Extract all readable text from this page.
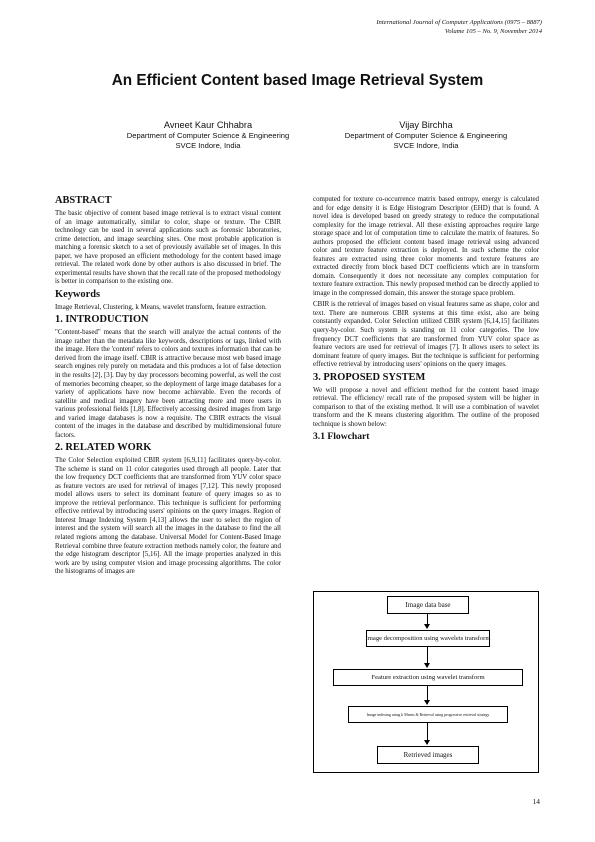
International Journal of Computer Applications (0975 – 8887)
Volume 105 – No. 9, November 2014
An Efficient Content based Image Retrieval System
Avneet Kaur Chhabra
Department of Computer Science & Engineering
SVCE Indore, India
Vijay Birchha
Department of Computer Science & Engineering
SVCE Indore, India
ABSTRACT
The basic objective of content based image retrieval is to extract visual content of an image automatically, similar to color, shape or texture. The CBIR technology can be used in several applications such as forensic laboratories, crime detection, and image searching sites. One most probable application is matching a forensic sketch to a set of previously available set of images. In this paper, we have proposed an efficient methodology for the content based image retrieval. The related work done by other authors is also discussed in brief. The experimental results have shown that the recall rate of the proposed methodology is better in comparison to the existing one.
Keywords
Image Retrieval, Clustering, k Means, wavelet transform, feature extraction.
1. INTRODUCTION
"Content-based" means that the search will analyze the actual contents of the image rather than the metadata like keywords, descriptions or tags, linked with the image. Here the 'content' refers to colors and textures information that can be derived from the image itself. CBIR is attractive because most web based image search engines rely purely on metadata and this produces a lot of false detection in the results [2], [3]. Day by day processors becoming powerful, as well the cost of memories becoming cheaper, so the deployment of large image databases for a variety of applications have now become achievable. Even the records of satellite and medical imagery have been attracting more and more users in various professional fields [1,8]. Effectively accessing desired images from large and varied image databases is now a requisite. The CBIR extracts the visual content of the images in the database and described by multidimensional future factors.
2. RELATED WORK
The Color Selection exploited CBIR system [6,9,11] facilitates query-by-color. The scheme is stand on 11 color categories used through all people. Later that the low frequency DCT coefficients that are transformed from YUV color space as feature vectors are used for retrieval of images [7,12]. This newly proposed model allows users to select its dominant feature of query images so as to improve the retrieval performance. This technique is sufficient for performing effective retrieval by introducing users' opinions on the query images. Region of Interest Image Indexing System [4,13] allows the user to select the region of interest and the system will search all the images in the database to find the all related regions among the database. Universal Model for Content-Based Image Retrieval combine three feature extraction methods namely color, the feature and the edge histogram descriptor [5,16]. All the image properties analyzed in this work are by using computer vision and image processing algorithms. The color the histograms of images are
computed for texture co-occurrence matrix based entropy, energy is calculated and for edge density it is Edge Histogram Descriptor (EHD) that is found. A novel idea is developed based on greedy strategy to reduce the computational complexity for the image retrieval. All these existing approaches require large storage space and lot of computation time to calculate the matrix of features. So authors proposed the efficient content based image retrieval using advanced color and texture feature extraction is deployed. In such scheme the color features are extracted using three color moments and texture features are extracted directly from block based DCT coefficients which are in transform domain. Consequently it does not necessitate any complex computation for texture feature extraction. This newly proposed method can be directly applied to image in the compressed domain, this answer the storage space problem.
CBIR is the retrieval of images based on visual features same as shape, color and text. There are numerous CBIR systems at this time exist, also are being constantly expanded. Color Selection utilized CBIR system [6,14,15] facilitates query-by-color. Such system is standing on 11 color categories. The low frequency DCT coefficients that are transformed from YUV color space as feature vectors are used for retrieval of images [7]. It allows users to select its dominant feature of query images. But the technique is sufficient for performing effective retrieval by introducing users' opinions on the query images.
3. PROPOSED SYSTEM
We will propose a novel and efficient method for the content based image retrieval. The efficiency/ recall rate of the proposed system will be higher in comparison to that of the existing method. It will use a combination of wavelet transform and the K means clustering algorithm. The outline of the proposed technique is shown below:
3.1 Flowchart
Image data base
Image decomposition using wavelets transform
Feature extraction using wavelet transform
Image indexing using k Means & Retrieval using progressive retrieval strategy
Retrieved images
14
